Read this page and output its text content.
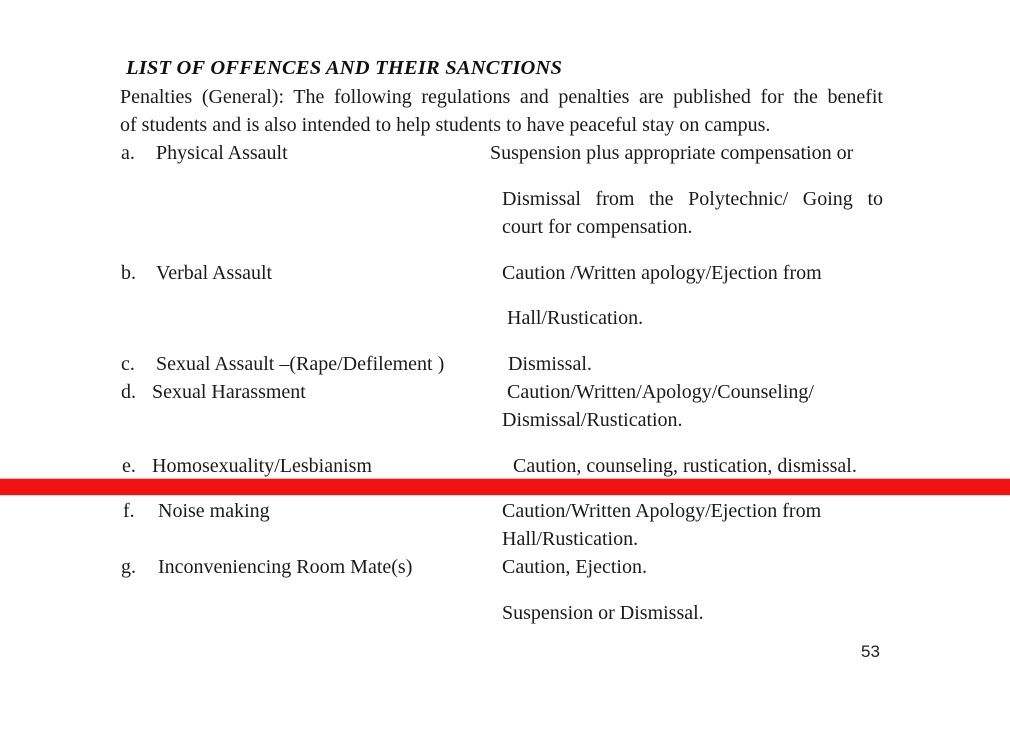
LIST OF OFFENCES AND THEIR SANCTIONS
Penalties (General): The following regulations and penalties are published for the benefit
of students and is also intended to help students to have peaceful stay on campus.
a. Physical Assault	Suspension plus appropriate compensation or
Dismissal from the Polytechnic/ Going to
court for compensation.
b. Verbal Assault	Caution /Written apology/Ejection from
Hall/Rustication.
c. Sexual Assault –(Rape/Defilement )	Dismissal.
d. Sexual Harassment	Caution/Written/Apology/Counseling/
Dismissal/Rustication.
e. Homosexuality/Lesbianism	Caution, counseling, rustication, dismissal.
f. Noise making	Caution/Written Apology/Ejection from
Hall/Rustication.
g. Inconveniencing Room Mate(s)	Caution, Ejection.
Suspension or Dismissal.
53
